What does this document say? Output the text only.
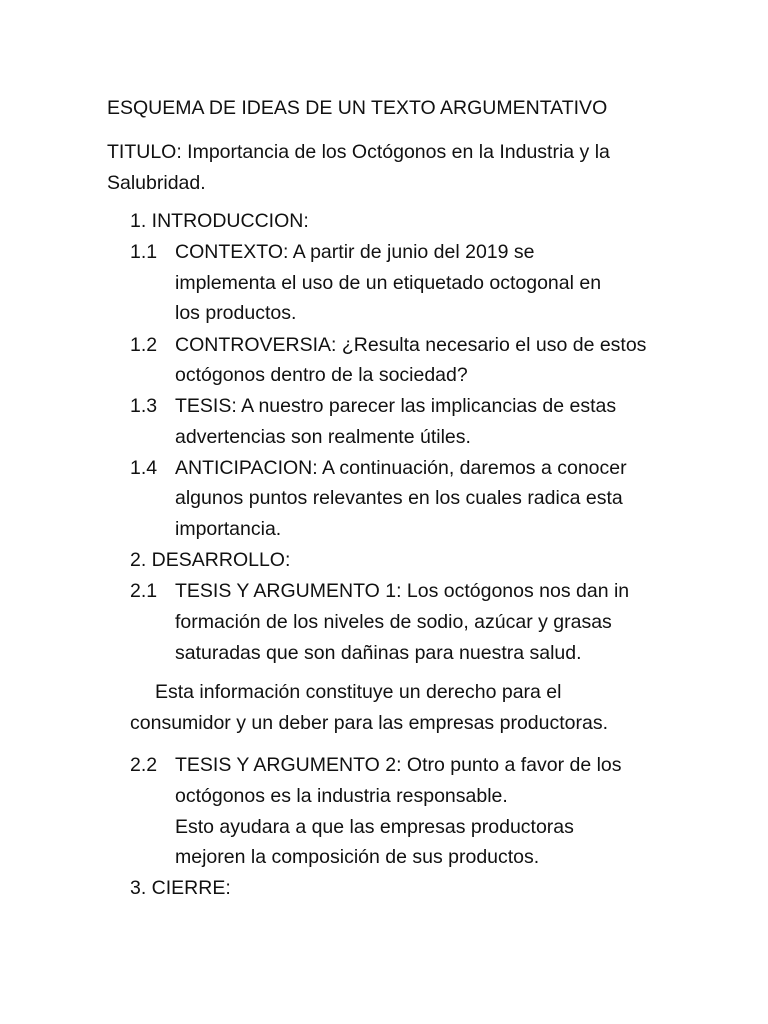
ESQUEMA DE IDEAS DE UN TEXTO ARGUMENTATIVO
TITULO: Importancia de los Octógonos en la Industria y la
Salubridad.
1. INTRODUCCION:
1.1 CONTEXTO: A partir de junio del 2019 se
implementa el uso de un etiquetado octogonal en
los productos.
1.2 CONTROVERSIA: ¿Resulta necesario el uso de estos
octógonos dentro de la sociedad?
1.3 TESIS: A nuestro parecer las implicancias de estas
advertencias son realmente útiles.
1.4 ANTICIPACION: A continuación, daremos a conocer
algunos puntos relevantes en los cuales radica esta
importancia.
2. DESARROLLO:
2.1 TESIS Y ARGUMENTO 1: Los octógonos nos dan in
formación de los niveles de sodio, azúcar y grasas
saturadas que son dañinas para nuestra salud.
Esta información constituye un derecho para el
consumidor y un deber para las empresas productoras.
2.2 TESIS Y ARGUMENTO 2: Otro punto a favor de los
octógonos es la industria responsable.
Esto ayudara a que las empresas productoras
mejoren la composición de sus productos.
3. CIERRE:
